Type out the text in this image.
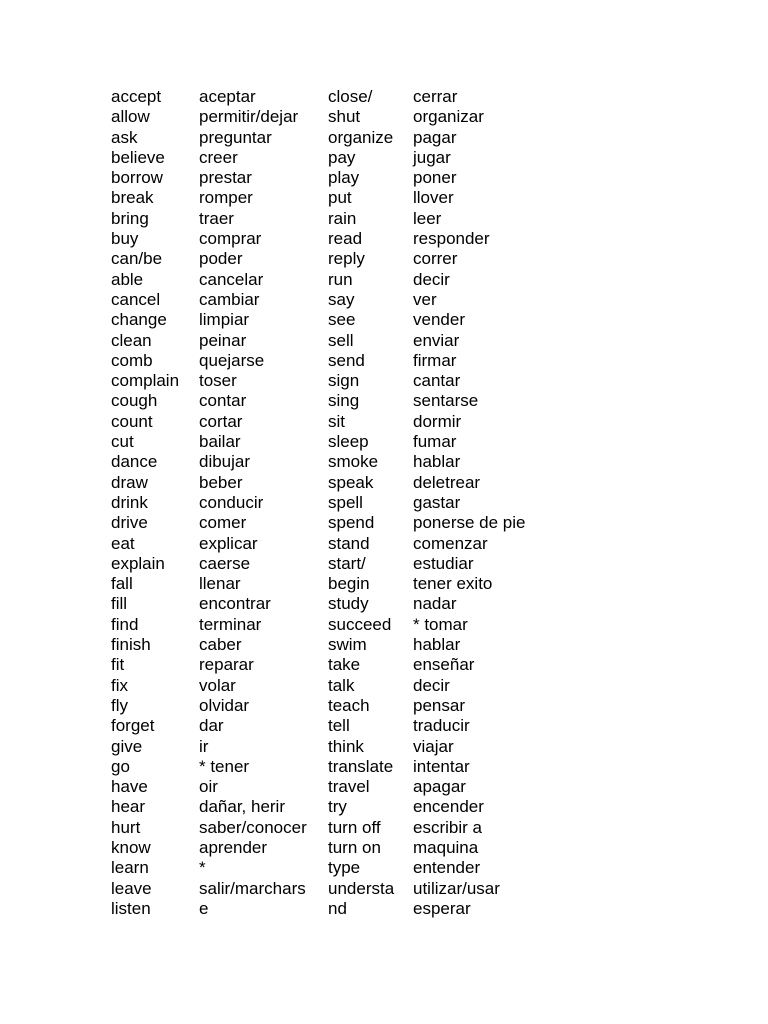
accept
allow
ask
believe
borrow
break
bring
buy
can/be
able
cancel
change
clean
comb
complain
cough
count
cut
dance
draw
drink
drive
eat
explain
fall
fill
find
finish
fit
fix
fly
forget
give
go
have
hear
hurt
know
learn
leave
listen
aceptar
permitir/dejar
preguntar
creer
prestar
romper
traer
comprar
poder
cancelar
cambiar
limpiar
peinar
quejarse
toser
contar
cortar
bailar
dibujar
beber
conducir
comer
explicar
caerse
llenar
encontrar
terminar
caber
reparar
volar
olvidar
dar
ir
* tener
oir
dañar, herir
saber/conocer
aprender
*
salir/marchars
e
close/
shut
organize
pay
play
put
rain
read
reply
run
say
see
sell
send
sign
sing
sit
sleep
smoke
speak
spell
spend
stand
start/
begin
study
succeed
swim
take
talk
teach
tell
think
translate
travel
try
turn off
turn on
type
understa
nd
cerrar
organizar
pagar
jugar
poner
llover
leer
responder
correr
decir
ver
vender
enviar
firmar
cantar
sentarse
dormir
fumar
hablar
deletrear
gastar
ponerse de pie
comenzar
estudiar
tener exito
nadar
* tomar
hablar
enseñar
decir
pensar
traducir
viajar
intentar
apagar
encender
escribir a
maquina
entender
utilizar/usar
esperar
